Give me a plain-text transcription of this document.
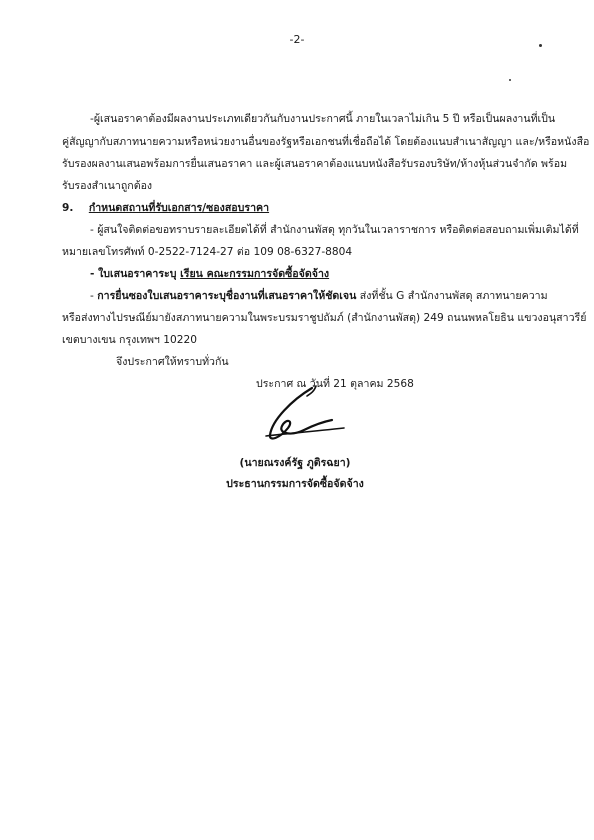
-2-
-ผู้เสนอราคาต้องมีผลงานประเภทเดียวกันกับงานประกาศนี้ ภายในเวลาไม่เกิน 5 ปี หรือเป็นผลงานที่เป็น
คู่สัญญากับสภาทนายความหรือหน่วยงานอื่นของรัฐหรือเอกชนที่เชื่อถือได้ โดยต้องแนบสำเนาสัญญา และ/หรือหนังสือ
รับรองผลงานเสนอพร้อมการยื่นเสนอราคา และผู้เสนอราคาต้องแนบหนังสือรับรองบริษัท/ห้างหุ้นส่วนจำกัด พร้อม
รับรองสำเนาถูกต้อง
9. กำหนดสถานที่รับเอกสาร/ซองสอบราคา
- ผู้สนใจติดต่อขอทราบรายละเอียดได้ที่ สำนักงานพัสดุ ทุกวันในเวลาราชการ หรือติดต่อสอบถามเพิ่มเติมได้ที่
หมายเลขโทรศัพท์ 0-2522-7124-27 ต่อ 109 08-6327-8804
- ใบเสนอราคาระบุ เรียน คณะกรรมการจัดซื้อจัดจ้าง
- การยื่นซองใบเสนอราคาระบุชื่องานที่เสนอราคาให้ชัดเจน ส่งที่ชั้น G สำนักงานพัสดุ สภาทนายความ
หรือส่งทางไปรษณีย์มายังสภาทนายความในพระบรมราชูปถัมภ์ (สำนักงานพัสดุ) 249 ถนนพหลโยธิน แขวงอนุสาวรีย์
เขตบางเขน กรุงเทพฯ 10220
จึงประกาศให้ทราบทั่วกัน
ประกาศ ณ วันที่ 21 ตุลาคม 2568
(นายณรงค์รัฐ ภูติรฉยา)
ประธานกรรมการจัดซื้อจัดจ้าง
